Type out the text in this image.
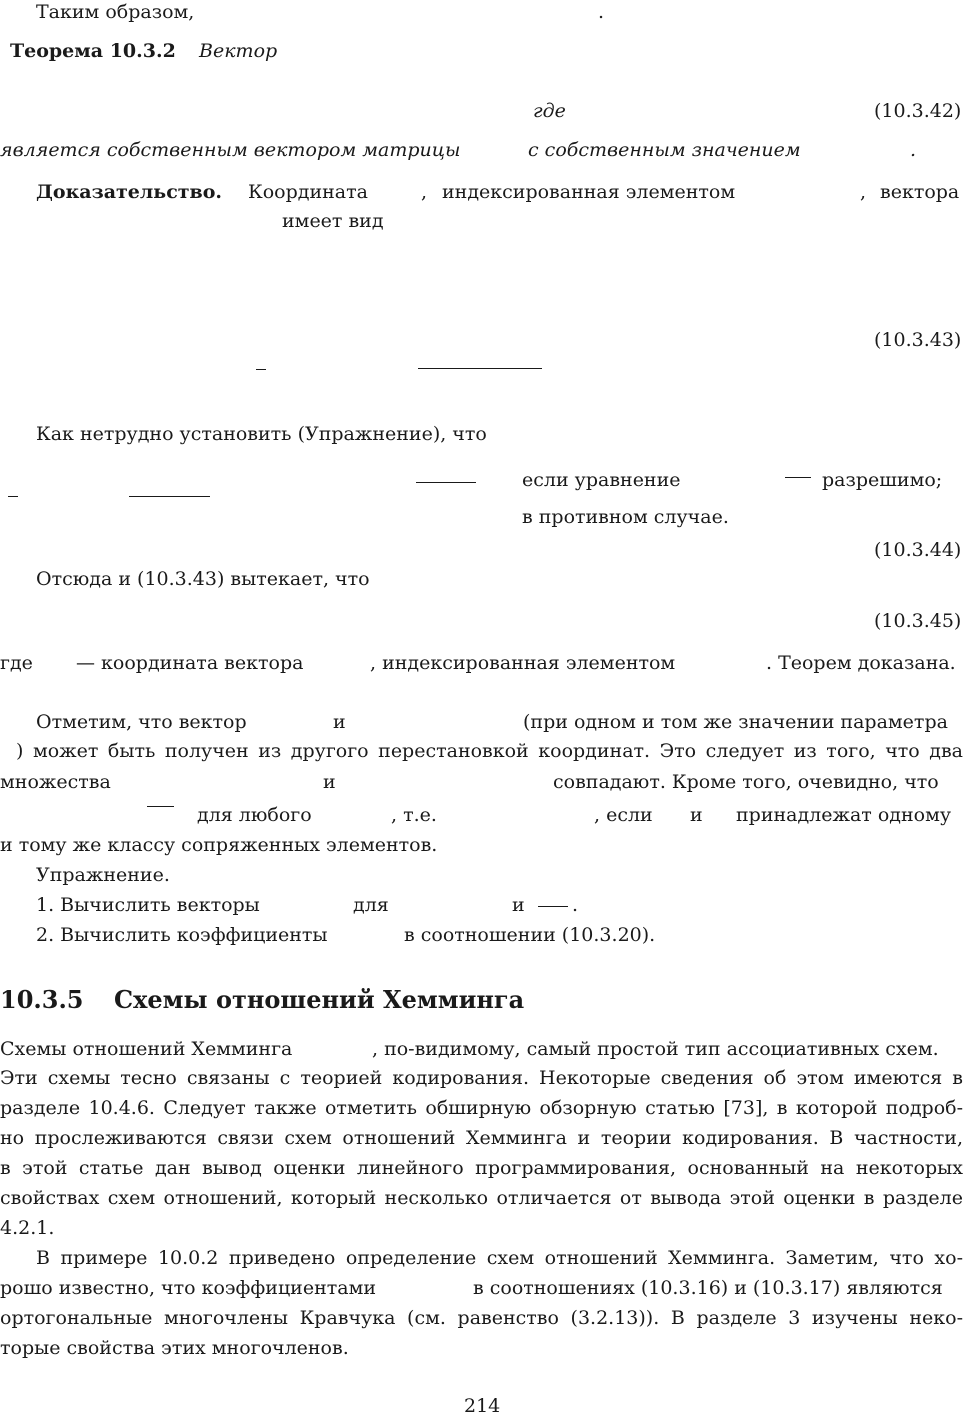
Таким образом,	.
Теорема 10.3.2 Вектор
где	(10.3.42)
является собственным вектором матрицы	с собственным значением	.
Доказательство. Координата	, индексированная элементом	, вектора
имеет вид
(10.3.43)
Как нетрудно установить (Упражнение), что
если уравнение	разрешимо;
в противном случае.
(10.3.44)
Отсюда и (10.3.43) вытекает, что
(10.3.45)
где — координата вектора	, индексированная элементом	. Теорем доказана.
Отметим, что вектор	и	(при одном и том же значении параметра
) может быть получен из другого перестановкой координат. Это следует из того, что два
множества	и	совпадают. Кроме того, очевидно, что
для любого	, т.е.	, если и принадлежат одному
и тому же классу сопряженных элементов.
Упражнение.
1. Вычислить векторы	для	и .
2. Вычислить коэффициенты	в соотношении (10.3.20).
10.3.5 Схемы отношений Хемминга
Схемы отношений Хемминга	, по-видимому, самый простой тип ассоциативных схем.
Эти схемы тесно связаны с теорией кодирования. Некоторые сведения об этом имеются в
разделе 10.4.6. Следует также отметить обширную обзорную статью [73], в которой подроб-
но прослеживаются связи схем отношений Хемминга и теории кодирования. В частности,
в этой статье дан вывод оценки линейного программирования, основанный на некоторых
свойствах схем отношений, который несколько отличается от вывода этой оценки в разделе
4.2.1.
В примере 10.0.2 приведено определение схем отношений Хемминга. Заметим, что хо-
рошо известно, что коэффициентами	в соотношениях (10.3.16) и (10.3.17) являются
ортогональные многочлены Кравчука (см. равенство (3.2.13)). В разделе 3 изучены неко-
торые свойства этих многочленов.
214
